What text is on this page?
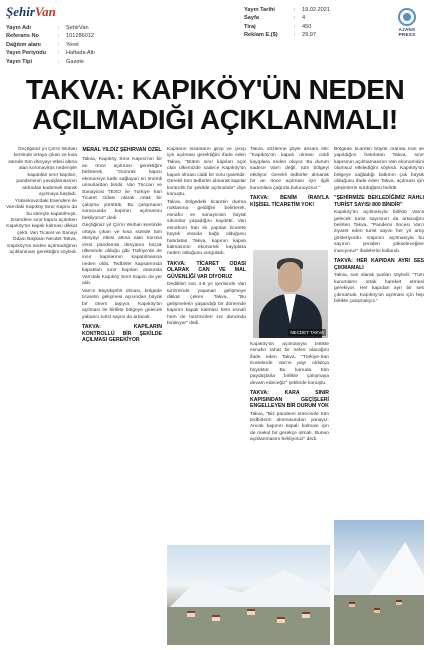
ŞehirVan
Yayın Adı	:	ŞehirVan
Referans No	:	101286012
Dağıtım alanı	:	Yerel
Yayın Periyodu	:	Haftada Altı
Yayın Tipi	:	Gazete
Yayın Tarihi	:	19.02.2021
Sayfa	:	4
Tiraj	:	450
Reklam E.($)	:	29,97
AJANS PRESS
TAKVA: KAPIKÖY'ÜN NEDEN
AÇILMADIĞI AÇIKLANMALI!

Geçtiğimiz yıl Çin'in Wuhan kentinde ortaya çıkan ve kısa sürede tüm dünyayı etkisi altına alan koronavirüs nedeniyle kapatılan sınır kapıları, pandeminin yavaşlamasının ardından kademeli olarak açılmaya başladı. Yüksekova'daki Esendere ile Van'daki Kapıköy Sınır Kapısı da bu süreçte kapatılmıştı. Esendere sınır kapısı açılırken Kapıköy'ün kapalı kalması dikkat çekti. Van Ticaret ve Sanayi Odası Başkanı Necdet Takva, Kapıköy'ün neden açılmadığının açıklanması gerektiğini söyledi.

MERAL YILDIZ ŞEHİRVAN ÖZEL

Takva, Kapıköy Sınır Kapısı'nın bir an önce açılması gerektiğini belirterek, "Gümrük kapısı ekonomiye katkı sağlayan en önemli unsurlardan biridir. Van Tüccarı ve Sanayicisi TESO ile Türkiye İran Ticaret Odası olarak ortak bir çalışma yürüttük. Bu çalışmanın sonucunda kapının açılmasını bekliyoruz" dedi.

Geçtiğimiz yıl Çin'in Wuhan kentinde ortaya çıkan ve kısa sürede tüm dünyayı etkisi altına alan korona virüs pandemisi dünyanın birçok ülkesinde olduğu gibi Türkiye'de de sınır kapılarının kapatılmasına neden oldu. Tedbirler kapsamında kapatılan sınır kapıları arasında Van'daki Kapıköy Sınır Kapısı da yer aldı.

Van'ın Büyükşehir olması, bölgede ticaretin gelişmesi açısından büyük bir önem taşıyor. Kapıköy'ün açılması ile birlikte bölgeye gelecek yabancı turist sayısı da artacak.

TAKVA: KAPILARIN KONTROLLÜ BİR ŞEKİLDE AÇILMASI GEREKİYOR

Kapıların insanların girişi ve çıkışı için açılması gerektiğini ifade eden Takva, "Bütün sınır kapıları açık olan ülkemizde sadece Kapıköy'ün kapalı olması ciddi bir soru işaretidir. Gerekli tüm tedbirler alınarak kapılar kontrollü bir şekilde açılmalıdır" diye konuştu.

Takva, bölgedeki ticaretin durma noktasına geldiğini belirterek, esnafın ve sanayicinin büyük sıkıntılar yaşadığını kaydetti. Van esnafının İran ile yapılan ticarete büyük oranda bağlı olduğunu hatırlatan Takva, kapının kapalı kalmasının ekonomik kayıplara neden olduğunu vurguladı.

TAKVA: TİCARET ODASI OLARAK CAN VE MAL GÜVENLİĞİ VAR DİYORUZ

Dedikleri son 4-8 yıl içerisinde Van turizminde yaşanan gelişmeye dikkat çeken Takva, "Bu gelişmelerin yaşandığı bir dönemde kapının kapalı kalması hem esnafı hem de turizmcileri zor durumda bırakıyor" dedi.

Takva, sözlerine şöyle devam etti: "Kapıköy'ün kapalı olması ciddi kayıplara neden oluyor. Bu durum sadece Van'ı değil, tüm bölgeyi etkiliyor. Gerekli tedbirler alınarak bir an önce açılması için ilgili kurumlara çağrıda bulunuyoruz."

TAKVA: BENİM İRAN'LA KİŞİSEL TİCARETİM YOK!

Kapıköy'ün açılmasıyla birlikte esnafın rahat bir nefes alacağını ifade eden Takva, "Türkiye-İran ticaretinde Van'ın payı oldukça büyüktür. Bu konuda tüm paydaşlarla birlikte çalışmaya devam edeceğiz" şeklinde konuştu.

TAKVA: KARA SINIR KAPISINDAN GEÇİŞLERİ ENGELLEYEN BİR DURUM YOK

Takva, "Biz pandemi sürecinde tüm tedbirlerin alınmasından yanayız. Ancak kapının kapalı kalması için de makul bir gerekçe olmalı. Bunun açıklanmasını bekliyoruz" dedi.

Bölgede ticaretin büyük oranda İran ile yapıldığını hatırlatan Takva, sınır kapısının açılmamasının Van ekonomisini olumsuz etkilediğini söyledi. Kapıköy'ün bölgeye sağladığı katkının çok büyük olduğunu ifade eden Takva, açılması için girişimlerin sürdüğünü belirtti.

"ŞEHİRMİZE BEKLEDİĞİMİZ RAHLI TURİST SAYISI 800 BİNDİR"

Kapıköy'ün açılmasıyla birlikte Van'a gelecek turist sayısının da artacağını belirten Takva, "Pandemi öncesi Van'ı ziyaret eden turist sayısı her yıl artış gösteriyordu. Kapının açılmasıyla bu sayının yeniden yükseleceğine inanıyoruz" ifadelerini kullandı.

TAKVA: HER KAPIDAN AYRI SES ÇIKMAMALI

Takva, son olarak şunları söyledi: "Tüm kurumların ortak hareket etmesi gerekiyor. Her kapıdan ayrı bir ses çıkmamalı. Kapıköy'ün açılması için hep birlikte çalışmalıyız."

NECDET TAKVA
